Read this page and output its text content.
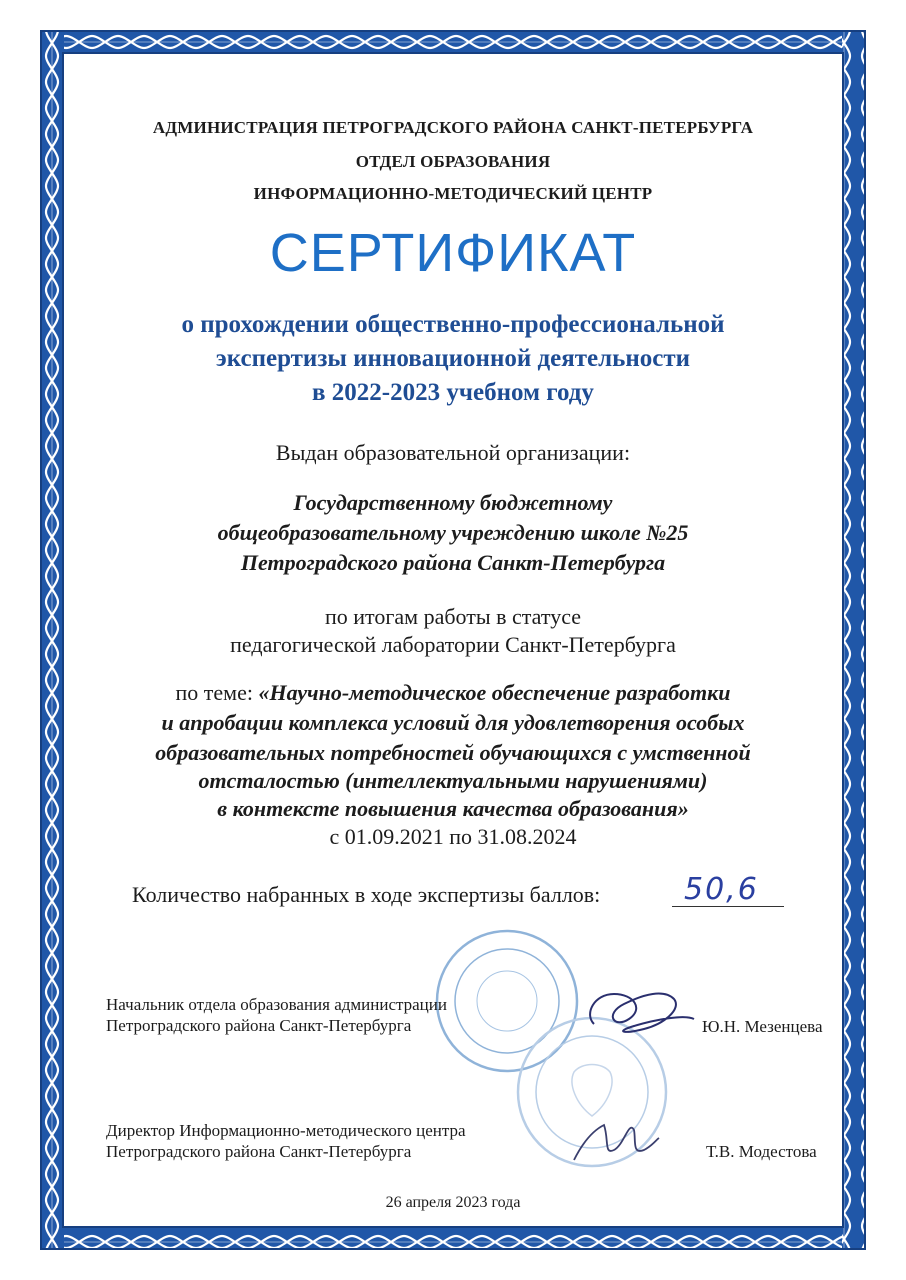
АДМИНИСТРАЦИЯ ПЕТРОГРАДСКОГО РАЙОНА САНКТ-ПЕТЕРБУРГА
ОТДЕЛ ОБРАЗОВАНИЯ
ИНФОРМАЦИОННО-МЕТОДИЧЕСКИЙ ЦЕНТР
СЕРТИФИКАТ
о прохождении общественно-профессиональной
экспертизы инновационной деятельности
в 2022-2023 учебном году
Выдан образовательной организации:
Государственному бюджетному
общеобразовательному учреждению школе №25
Петроградского района Санкт-Петербурга
по итогам работы в статусе
педагогической лаборатории Санкт-Петербурга
по теме: «Научно-методическое обеспечение разработки
и апробации комплекса условий для удовлетворения особых
образовательных потребностей обучающихся с умственной
отсталостью (интеллектуальными нарушениями)
в контексте повышения качества образования»
с 01.09.2021 по 31.08.2024
Количество набранных в ходе экспертизы баллов:	50,6
Начальник отдела образования администрации
Петроградского района Санкт-Петербурга	Ю.Н. Мезенцева
Директор Информационно-методического центра
Петроградского района Санкт-Петербурга	Т.В. Модестова
26 апреля 2023 года
